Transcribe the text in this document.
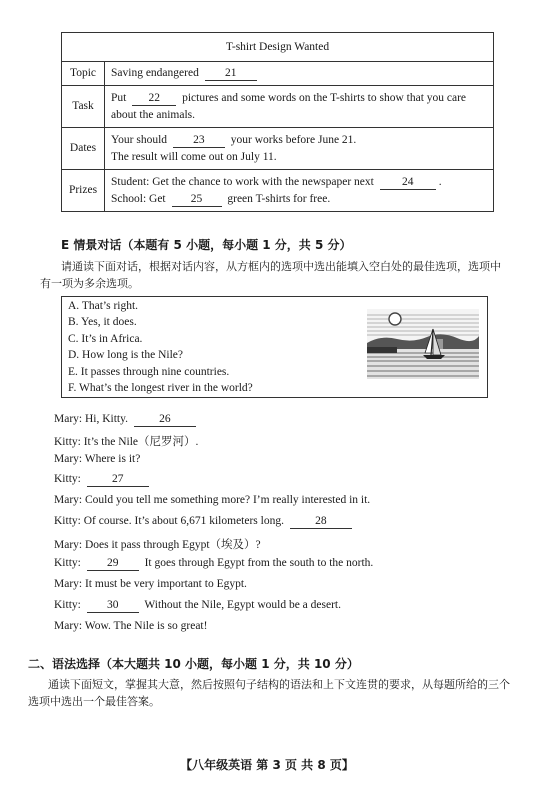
T-shirt Design Wanted	
Topic	Saving endangered 21
Task	Put 22 pictures and some words on the T-shirts to show that you care
about the animals.
Dates	Your should 23 your works before June 21.
The result will come out on July 11.
Prizes	Student: Get the chance to work with the newspaper next 24 .
School: Get 25 green T-shirts for free.
E 情景对话（本题有 5 小题，每小题 1 分，共 5 分）
请通读下面对话，根据对话内容，从方框内的选项中选出能填入空白处的最佳选项，选项中有一项为多余选项。
A. That’s right.
B. Yes, it does.
C. It’s in Africa.
D. How long is the Nile?
E. It passes through nine countries.
F. What’s the longest river in the world?
Mary: Hi, Kitty.	26
Kitty: It’s the Nile（尼罗河）.
Mary: Where is it?
Kitty:	27
Mary: Could you tell me something more? I’m really interested in it.
Kitty: Of course. It’s about 6,671 kilometers long.	28
Mary: Does it pass through Egypt（埃及）?
Kitty: 29 It goes through Egypt from the south to the north.
Mary: It must be very important to Egypt.
Kitty: 30 Without the Nile, Egypt would be a desert.
Mary: Wow. The Nile is so great!
二、语法选择（本大题共 10 小题，每小题 1 分，共 10 分）
通读下面短文，掌握其大意，然后按照句子结构的语法和上下文连贯的要求，从每题所给的三个选项中选出一个最佳答案。
【八年级英语 第 3 页 共 8 页】
